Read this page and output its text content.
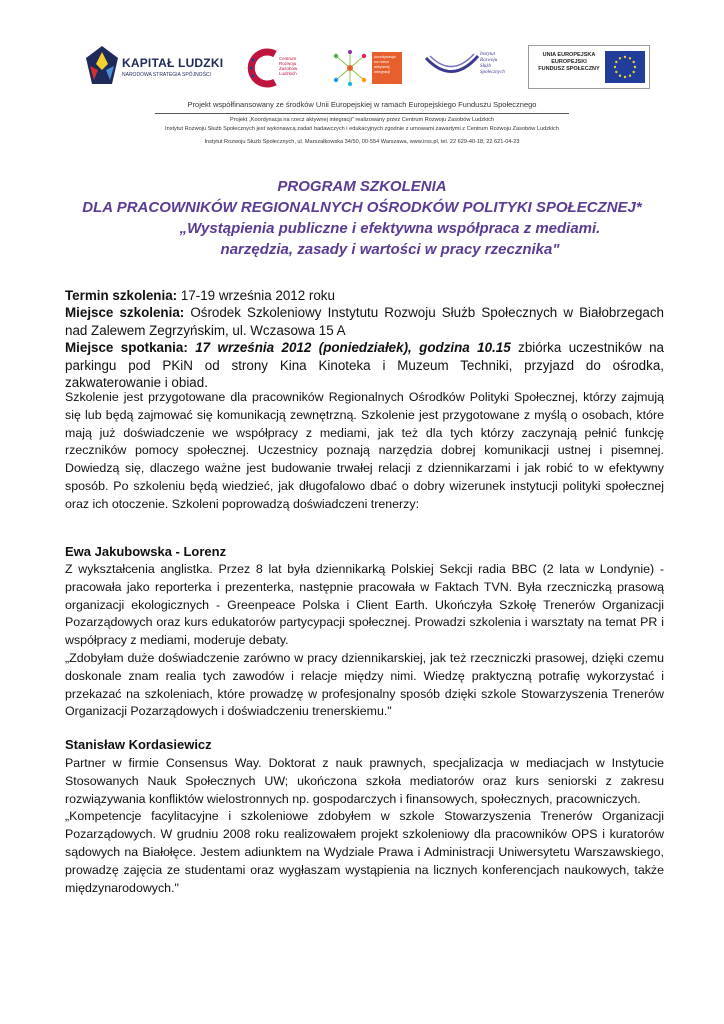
KAPITAŁ LUDZKI
NARODOWA STRATEGIA SPÓJNOŚCI
Centrum
Rozwoju
Zasobów
Ludzkich
koordynacja
na rzecz
aktywnej
integracji
Instytut
Rozwoju
Służb
Społecznych
UNIA EUROPEJSKA
EUROPEJSKI
FUNDUSZ SPOŁECZNY
Projekt współfinansowany ze środków Unii Europejskiej w ramach Europejskiego Funduszu Społecznego
Projekt „Koordynacja na rzecz aktywnej integracji" realizowany przez Centrum Rozwoju Zasobów Ludzkich
Instytut Rozwoju Służb Społecznych jest wykonawcą zadań badawczych i edukacyjnych zgodnie z umowami zawartymi z Centrum Rozwoju Zasobów Ludzkich
Instytut Rozwoju Służb Społecznych, ul. Marszałkowska 34/50, 00-554 Warszawa, www.irss.pl, tel. 22 629-40-18, 22 621-04-23
PROGRAM SZKOLENIA
DLA PRACOWNIKÓW REGIONALNYCH OŚRODKÓW POLITYKI SPOŁECZNEJ*
„Wystąpienia publiczne i efektywna współpraca z mediami.
narzędzia, zasady i wartości w pracy rzecznika"
Termin szkolenia: 17-19 września 2012 roku
Miejsce szkolenia: Ośrodek Szkoleniowy Instytutu Rozwoju Służb Społecznych w Białobrzegach nad Zalewem Zegrzyńskim, ul. Wczasowa 15 A
Miejsce spotkania: 17 września 2012 (poniedziałek), godzina 10.15 zbiórka uczestników na parkingu pod PKiN od strony Kina Kinoteka i Muzeum Techniki, przyjazd do ośrodka, zakwaterowanie i obiad.
Szkolenie jest przygotowane dla pracowników Regionalnych Ośrodków Polityki Społecznej, którzy zajmują się lub będą zajmować się komunikacją zewnętrzną. Szkolenie jest przygotowane z myślą o osobach, które mają już doświadczenie we współpracy z mediami, jak też dla tych którzy zaczynają pełnić funkcję rzeczników pomocy społecznej. Uczestnicy poznają narzędzia dobrej komunikacji ustnej i pisemnej. Dowiedzą się, dlaczego ważne jest budowanie trwałej relacji z dziennikarzami i jak robić to w efektywny sposób. Po szkoleniu będą wiedzieć, jak długofalowo dbać o dobry wizerunek instytucji polityki społecznej oraz ich otoczenie. Szkoleni poprowadzą doświadczeni trenerzy:
Ewa Jakubowska - Lorenz

Z wykształcenia anglistka. Przez 8 lat była dziennikarką Polskiej Sekcji radia BBC (2 lata w Londynie) - pracowała jako reporterka i prezenterka, następnie pracowała w Faktach TVN. Była rzeczniczką prasową organizacji ekologicznych - Greenpeace Polska i Client Earth. Ukończyła Szkołę Trenerów Organizacji Pozarządowych oraz kurs edukatorów partycypacji społecznej. Prowadzi szkolenia i warsztaty na temat PR i współpracy z mediami, moderuje debaty.

„Zdobyłam duże doświadczenie zarówno w pracy dziennikarskiej, jak też rzeczniczki prasowej, dzięki czemu doskonale znam realia tych zawodów i relacje między nimi. Wiedzę praktyczną potrafię wykorzystać i przekazać na szkoleniach, które prowadzę w profesjonalny sposób dzięki szkole Stowarzyszenia Trenerów Organizacji Pozarządowych i doświadczeniu trenerskiemu."

Stanisław Kordasiewicz

Partner w firmie Consensus Way. Doktorat z nauk prawnych, specjalizacja w mediacjach w Instytucie Stosowanych Nauk Społecznych UW; ukończona szkoła mediatorów oraz kurs seniorski z zakresu rozwiązywania konfliktów wielostronnych np. gospodarczych i finansowych, społecznych, pracowniczych.

„Kompetencje facylitacyjne i szkoleniowe zdobyłem w szkole Stowarzyszenia Trenerów Organizacji Pozarządowych. W grudniu 2008 roku realizowałem projekt szkoleniowy dla pracowników OPS i kuratorów sądowych na Białołęce. Jestem adiunktem na Wydziale Prawa i Administracji Uniwersytetu Warszawskiego, prowadzę zajęcia ze studentami oraz wygłaszam wystąpienia na licznych konferencjach naukowych, także międzynarodowych."
